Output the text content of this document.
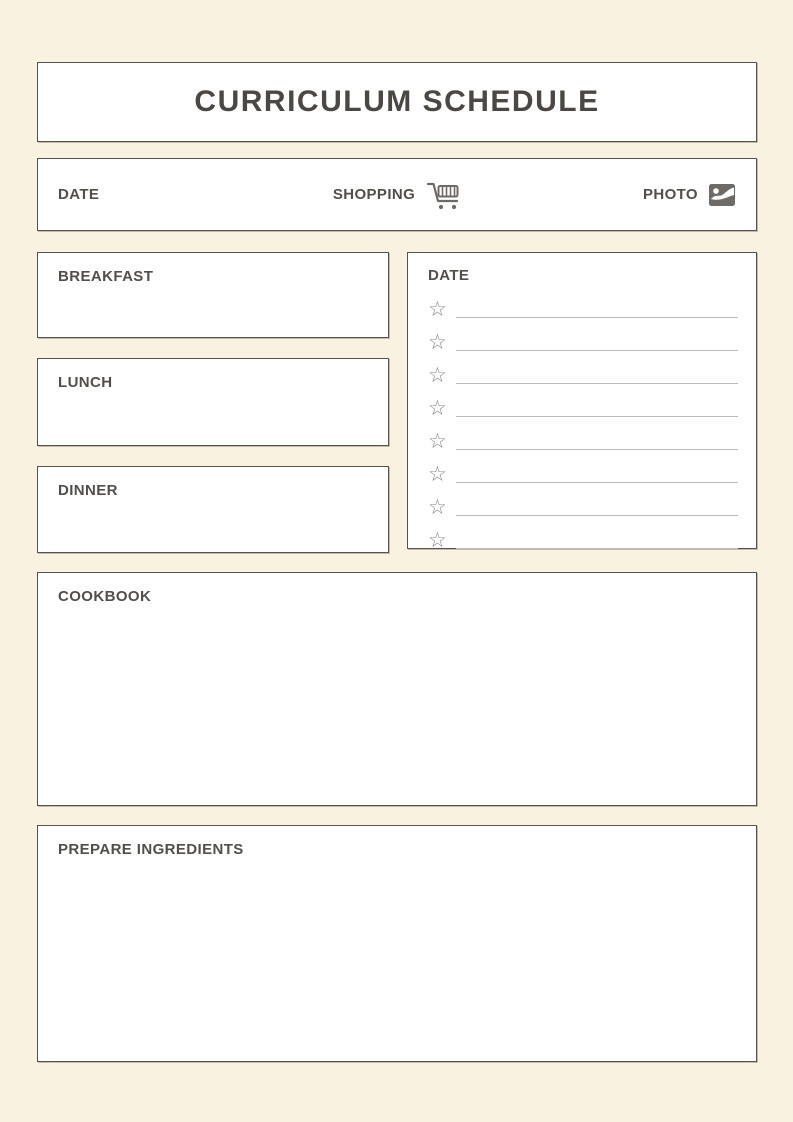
CURRICULUM SCHEDULE
DATE	SHOPPING	PHOTO
BREAKFAST
LUNCH
DINNER
DATE
☆
☆
☆
☆
☆
☆
☆
☆
COOKBOOK
PREPARE INGREDIENTS
